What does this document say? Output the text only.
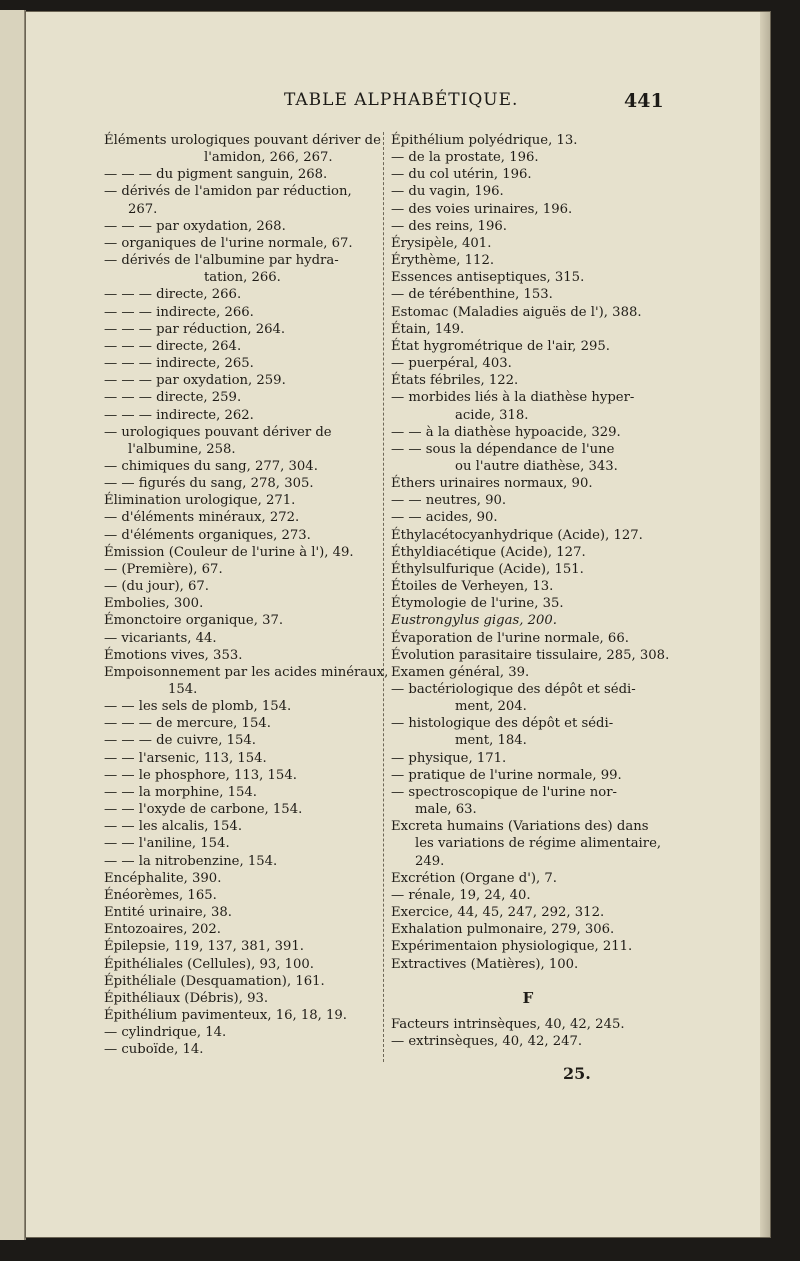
TABLE ALPHABÉTIQUE.	441
Éléments urologiques pouvant dériver de
l'amidon, 266, 267.
— — — du pigment sanguin, 268.
— dérivés de l'amidon par réduction,
267.
— — — par oxydation, 268.
— organiques de l'urine normale, 67.
— dérivés de l'albumine par hydra-
tation, 266.
— — — directe, 266.
— — — indirecte, 266.
— — — par réduction, 264.
— — — directe, 264.
— — — indirecte, 265.
— — — par oxydation, 259.
— — — directe, 259.
— — — indirecte, 262.
— urologiques pouvant dériver de
l'albumine, 258.
— chimiques du sang, 277, 304.
— — figurés du sang, 278, 305.
Élimination urologique, 271.
— d'éléments minéraux, 272.
— d'éléments organiques, 273.
Émission (Couleur de l'urine à l'), 49.
— (Première), 67.
— (du jour), 67.
Embolies, 300.
Émonctoire organique, 37.
— vicariants, 44.
Émotions vives, 353.
Empoisonnement par les acides minéraux,
154.
— — les sels de plomb, 154.
— — — de mercure, 154.
— — — de cuivre, 154.
— — l'arsenic, 113, 154.
— — le phosphore, 113, 154.
— — la morphine, 154.
— — l'oxyde de carbone, 154.
— — les alcalis, 154.
— — l'aniline, 154.
— — la nitrobenzine, 154.
Encéphalite, 390.
Énéorèmes, 165.
Entité urinaire, 38.
Entozoaires, 202.
Épilepsie, 119, 137, 381, 391.
Épithéliales (Cellules), 93, 100.
Épithéliale (Desquamation), 161.
Épithéliaux (Débris), 93.
Épithélium pavimenteux, 16, 18, 19.
— cylindrique, 14.
— cuboïde, 14.
Épithélium polyédrique, 13.
— de la prostate, 196.
— du col utérin, 196.
— du vagin, 196.
— des voies urinaires, 196.
— des reins, 196.
Érysipèle, 401.
Érythème, 112.
Essences antiseptiques, 315.
— de térébenthine, 153.
Estomac (Maladies aiguës de l'), 388.
Étain, 149.
État hygrométrique de l'air, 295.
— puerpéral, 403.
États fébriles, 122.
— morbides liés à la diathèse hyper-
acide, 318.
— — à la diathèse hypoacide, 329.
— — sous la dépendance de l'une
ou l'autre diathèse, 343.
Éthers urinaires normaux, 90.
— — neutres, 90.
— — acides, 90.
Éthylacétocyanhydrique (Acide), 127.
Éthyldiacétique (Acide), 127.
Éthylsulfurique (Acide), 151.
Étoiles de Verheyen, 13.
Étymologie de l'urine, 35.
Eustrongylus gigas, 200.
Évaporation de l'urine normale, 66.
Évolution parasitaire tissulaire, 285, 308.
Examen général, 39.
— bactériologique des dépôt et sédi-
ment, 204.
— histologique des dépôt et sédi-
ment, 184.
— physique, 171.
— pratique de l'urine normale, 99.
— spectroscopique de l'urine nor-
male, 63.
Excreta humains (Variations des) dans
les variations de régime alimentaire,
249.
Excrétion (Organe d'), 7.
— rénale, 19, 24, 40.
Exercice, 44, 45, 247, 292, 312.
Exhalation pulmonaire, 279, 306.
Expérimentaion physiologique, 211.
Extractives (Matières), 100.
F
Facteurs intrinsèques, 40, 42, 245.
— extrinsèques, 40, 42, 247.
25.
